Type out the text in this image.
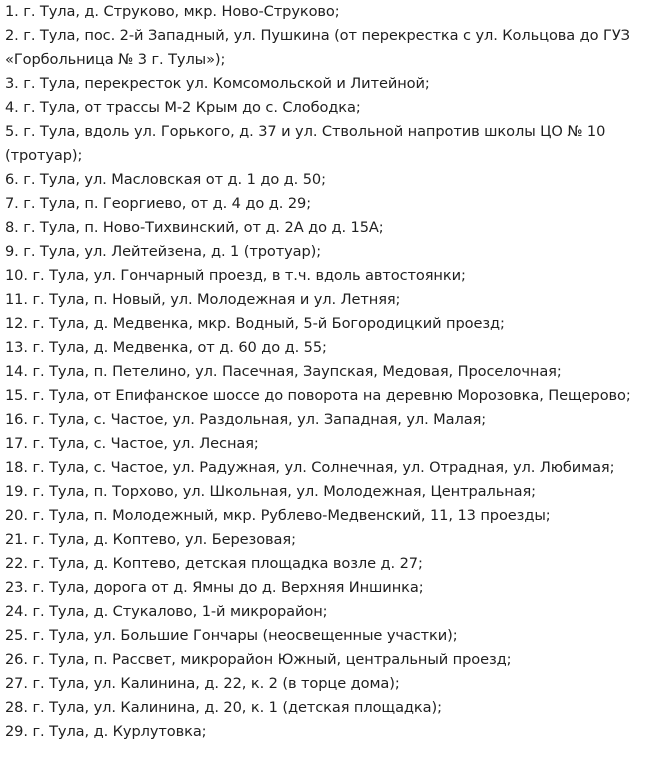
1. г. Тула, д. Струково, мкр. Ново-Струково;
2. г. Тула, пос. 2-й Западный, ул. Пушкина (от перекрестка с ул. Кольцова до ГУЗ «Горбольница № 3 г. Тулы»);
3. г. Тула, перекресток ул. Комсомольской и Литейной;
4. г. Тула, от трассы М-2 Крым до с. Слободка;
5. г. Тула, вдоль ул. Горького, д. 37 и ул. Ствольной напротив школы ЦО № 10 (тротуар);
6. г. Тула, ул. Масловская от д. 1 до д. 50;
7. г. Тула, п. Георгиево, от д. 4 до д. 29;
8. г. Тула, п. Ново-Тихвинский, от д. 2А до д. 15А;
9. г. Тула, ул. Лейтейзена, д. 1 (тротуар);
10. г. Тула, ул. Гончарный проезд, в т.ч. вдоль автостоянки;
11. г. Тула, п. Новый, ул. Молодежная и ул. Летняя;
12. г. Тула, д. Медвенка, мкр. Водный, 5-й Богородицкий проезд;
13. г. Тула, д. Медвенка, от д. 60 до д. 55;
14. г. Тула, п. Петелино, ул. Пасечная, Заупская, Медовая, Проселочная;
15. г. Тула, от Епифанское шоссе до поворота на деревню Морозовка, Пещерово;
16. г. Тула, с. Частое, ул. Раздольная, ул. Западная, ул. Малая;
17. г. Тула, с. Частое, ул. Лесная;
18. г. Тула, с. Частое, ул. Радужная, ул. Солнечная, ул. Отрадная, ул. Любимая;
19. г. Тула, п. Торхово, ул. Школьная, ул. Молодежная, Центральная;
20. г. Тула, п. Молодежный, мкр. Рублево-Медвенский, 11, 13 проезды;
21. г. Тула, д. Коптево, ул. Березовая;
22. г. Тула, д. Коптево, детская площадка возле д. 27;
23. г. Тула, дорога от д. Ямны до д. Верхняя Иншинка;
24. г. Тула, д. Стукалово, 1-й микрорайон;
25. г. Тула, ул. Большие Гончары (неосвещенные участки);
26. г. Тула, п. Рассвет, микрорайон Южный, центральный проезд;
27. г. Тула, ул. Калинина, д. 22, к. 2 (в торце дома);
28. г. Тула, ул. Калинина, д. 20, к. 1 (детская площадка);
29. г. Тула, д. Курлутовка;
